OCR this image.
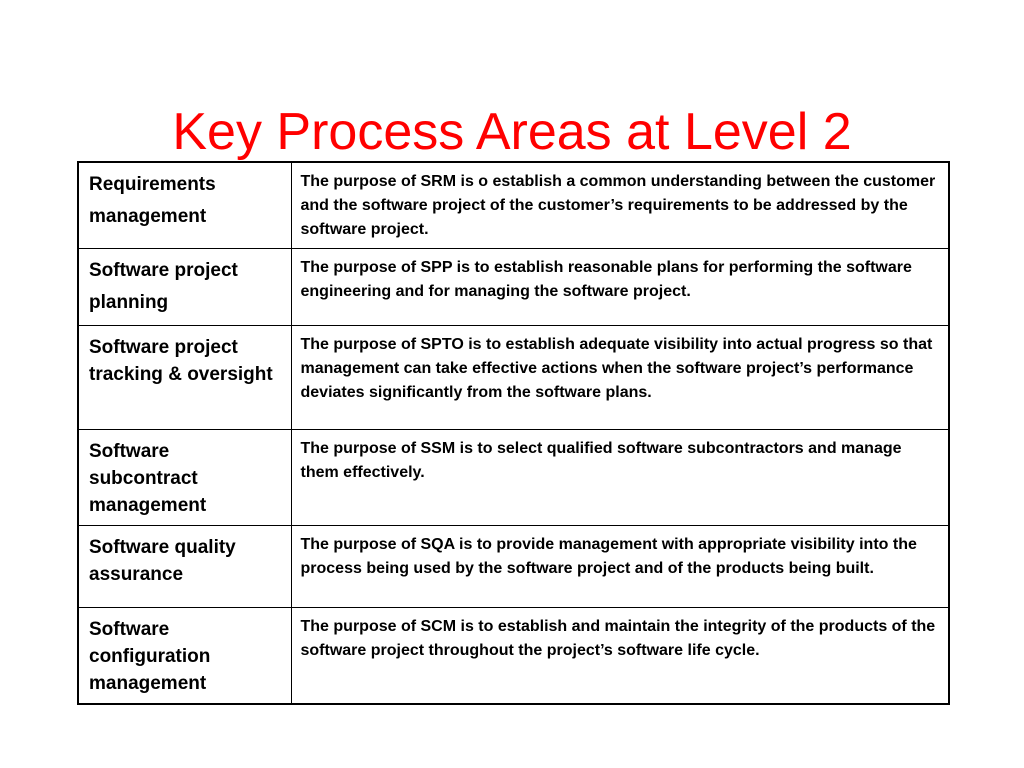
Key Process Areas at Level 2
Requirements management	The purpose of SRM is o establish a common understanding between the customer and the software project of the customer’s requirements to be addressed by the software project.
Software project planning	The purpose of SPP is to establish reasonable plans for performing the software engineering and for managing the software project.
Software project tracking & oversight	The purpose of SPTO is to establish adequate visibility into actual progress so that management can take effective actions when the software project’s performance deviates significantly from the software plans.
Software subcontract management	The purpose of SSM is to select qualified software subcontractors and manage them effectively.
Software quality assurance	The purpose of SQA is to provide management with appropriate visibility into the process being used by the software project and of the products being built.
Software configuration management	The purpose of SCM is to establish and maintain the integrity of the products of the software project throughout the project’s software life cycle.
